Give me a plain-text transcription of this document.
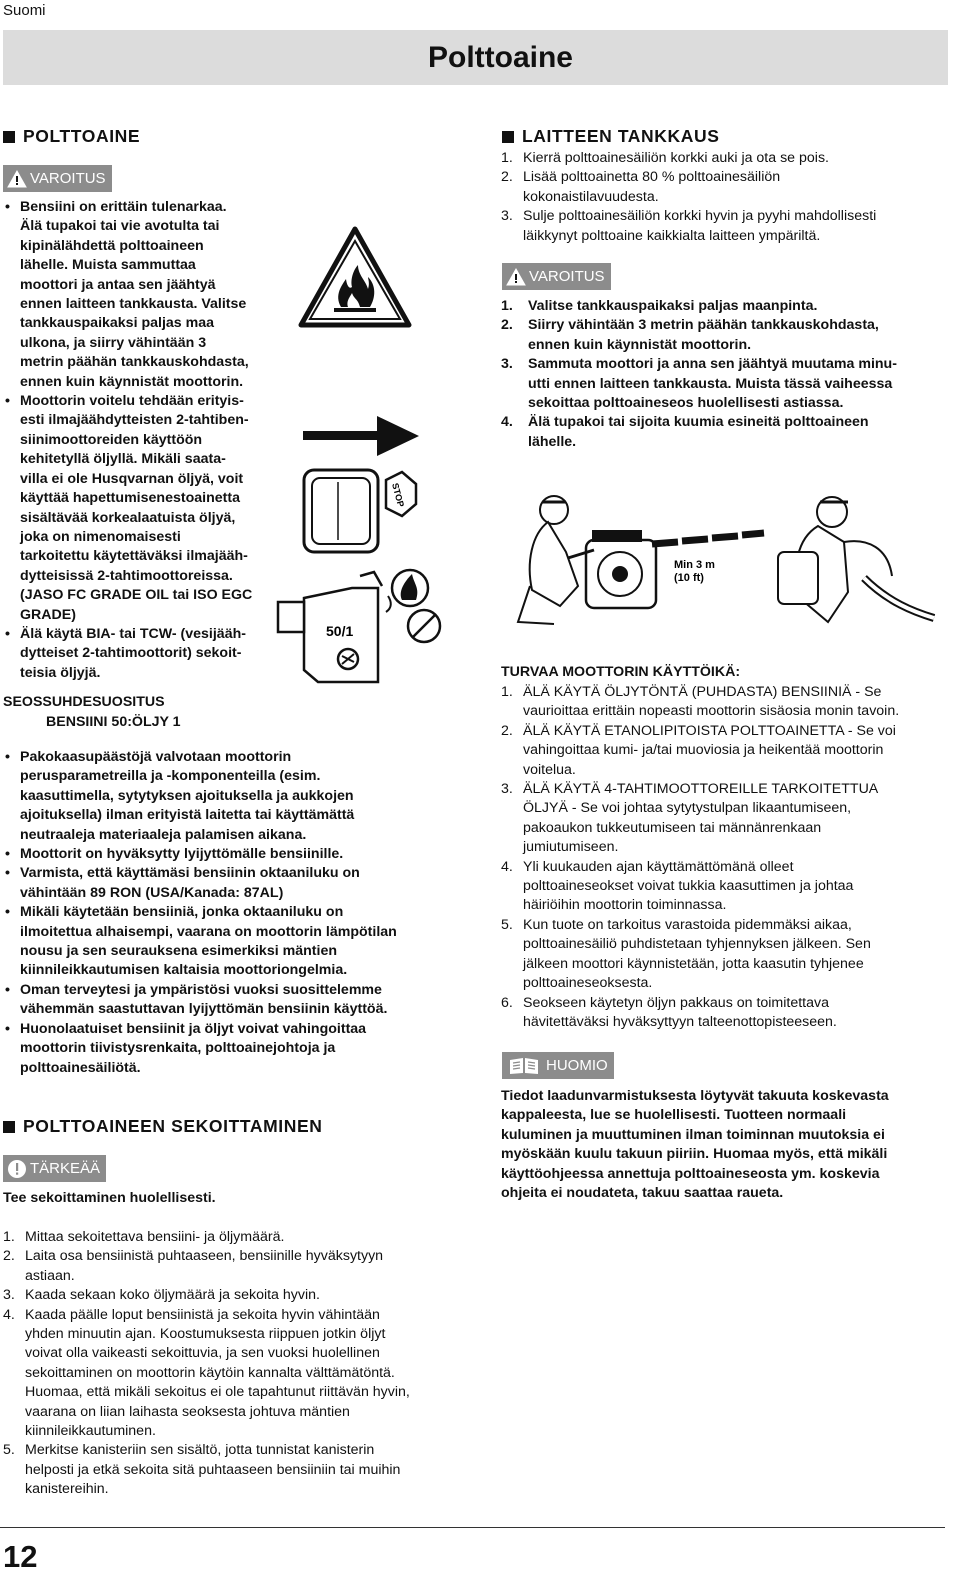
Suomi
Polttoaine
POLTTOAINE
VAROITUS
• Bensiini on erittäin tulenarkaa.
Älä tupakoi tai vie avotulta tai
kipinälähdettä polttoaineen
lähelle. Muista sammuttaa
moottori ja antaa sen jäähtyä
ennen laitteen tankkausta. Valitse
tankkauspaikaksi paljas maa
ulkona, ja siirry vähintään 3
metrin päähän tankkauskohdasta,
ennen kuin käynnistät moottorin.
• Moottorin voitelu tehdään erityis-
esti ilmajäähdytteisten 2-tahtiben-
siinimoottoreiden käyttöön
kehitetyllä öljyllä. Mikäli saata-
villa ei ole Husqvarnan öljyä, voit
käyttää hapettumisenestoainetta
sisältävää korkealaatuista öljyä,
joka on nimenomaisesti
tarkoitettu käytettäväksi ilmajääh-
dytteisissä 2-tahtimoottoreissa.
(JASO FC GRADE OIL tai ISO EGC
GRADE)
• Älä käytä BIA- tai TCW- (vesijääh-
dytteiset 2-tahtimoottorit) sekoit-
teisia öljyjä.
SEOSSUHDESUOSITUS
BENSIINI 50:ÖLJY 1
• Pakokaasupäästöjä valvotaan moottorin
perusparametreilla ja -komponenteilla (esim.
kaasuttimella, sytytyksen ajoituksella ja aukkojen
ajoituksella) ilman erityistä laitetta tai käyttämättä
neutraaleja materiaaleja palamisen aikana.
• Moottorit on hyväksytty lyijyttömälle bensiinille.
• Varmista, että käyttämäsi bensiinin oktaaniluku on
vähintään 89 RON (USA/Kanada: 87AL)
• Mikäli käytetään bensiiniä, jonka oktaaniluku on
ilmoitettua alhaisempi, vaarana on moottorin lämpötilan
nousu ja sen seurauksena esimerkiksi mäntien
kiinnileikkautumisen kaltaisia moottoriongelmia.
• Oman terveytesi ja ympäristösi vuoksi suosittelemme
vähemmän saastuttavan lyijyttömän bensiinin käyttöä.
• Huonolaatuiset bensiinit ja öljyt voivat vahingoittaa
moottorin tiivistysrenkaita, polttoainejohtoja ja
polttoainesäiliötä.
POLTTOAINEEN SEKOITTAMINEN
TÄRKEÄÄ
Tee sekoittaminen huolellisesti.
1. Mittaa sekoitettava bensiini- ja öljymäärä.
2. Laita osa bensiinistä puhtaaseen, bensiinille hyväksytyyn
astiaan.
3. Kaada sekaan koko öljymäärä ja sekoita hyvin.
4. Kaada päälle loput bensiinistä ja sekoita hyvin vähintään
yhden minuutin ajan. Koostumuksesta riippuen jotkin öljyt
voivat olla vaikeasti sekoittuvia, ja sen vuoksi huolellinen
sekoittaminen on moottorin käytöin kannalta välttämätöntä.
Huomaa, että mikäli sekoitus ei ole tapahtunut riittävän hyvin,
vaarana on liian laihasta seoksesta johtuva mäntien
kiinnileikkautuminen.
5. Merkitse kanisteriin sen sisältö, jotta tunnistat kanisterin
helposti ja etkä sekoita sitä puhtaaseen bensiiniin tai muihin
kanistereihin.
STOP
50/1
LAITTEEN TANKKAUS
1. Kierrä polttoainesäiliön korkki auki ja ota se pois.
2. Lisää polttoainetta 80 % polttoainesäiliön
kokonaistilavuudesta.
3. Sulje polttoainesäiliön korkki hyvin ja pyyhi mahdollisesti
läikkynyt polttoaine kaikkialta laitteen ympäriltä.
VAROITUS
1. Valitse tankkauspaikaksi paljas maanpinta.
2. Siirry vähintään 3 metrin päähän tankkauskohdasta,
ennen kuin käynnistät moottorin.
3. Sammuta moottori ja anna sen jäähtyä muutama minu-
utti ennen laitteen tankkausta. Muista tässä vaiheessa
sekoittaa polttoaineseos huolellisesti astiassa.
4. Älä tupakoi tai sijoita kuumia esineitä polttoaineen
lähelle.
Min 3 m
(10 ft)
TURVAA MOOTTORIN KÄYTTÖIKÄ:
1. ÄLÄ KÄYTÄ ÖLJYTÖNTÄ (PUHDASTA) BENSIINIÄ - Se
vaurioittaa erittäin nopeasti moottorin sisäosia monin tavoin.
2. ÄLÄ KÄYTÄ ETANOLIPITOISTA POLTTOAINETTA - Se voi
vahingoittaa kumi- ja/tai muoviosia ja heikentää moottorin
voitelua.
3. ÄLÄ KÄYTÄ 4-TAHTIMOOTTOREILLE TARKOITETTUA
ÖLJYÄ - Se voi johtaa sytytystulpan likaantumiseen,
pakoaukon tukkeutumiseen tai männänrenkaan
jumiutumiseen.
4. Yli kuukauden ajan käyttämättömänä olleet
polttoaineseokset voivat tukkia kaasuttimen ja johtaa
häiriöihin moottorin toiminnassa.
5. Kun tuote on tarkoitus varastoida pidemmäksi aikaa,
polttoainesäiliö puhdistetaan tyhjennyksen jälkeen. Sen
jälkeen moottori käynnistetään, jotta kaasutin tyhjenee
polttoaineseoksesta.
6. Seokseen käytetyn öljyn pakkaus on toimitettava
hävitettäväksi hyväksyttyyn talteenottopisteeseen.
HUOMIO
Tiedot laadunvarmistuksesta löytyvät takuuta koskevasta
kappaleesta, lue se huolellisesti. Tuotteen normaali
kuluminen ja muuttuminen ilman toiminnan muutoksia ei
myöskään kuulu takuun piiriin. Huomaa myös, että mikäli
käyttöohjeessa annettuja polttoaineseosta ym. koskevia
ohjeita ei noudateta, takuu saattaa raueta.
12
